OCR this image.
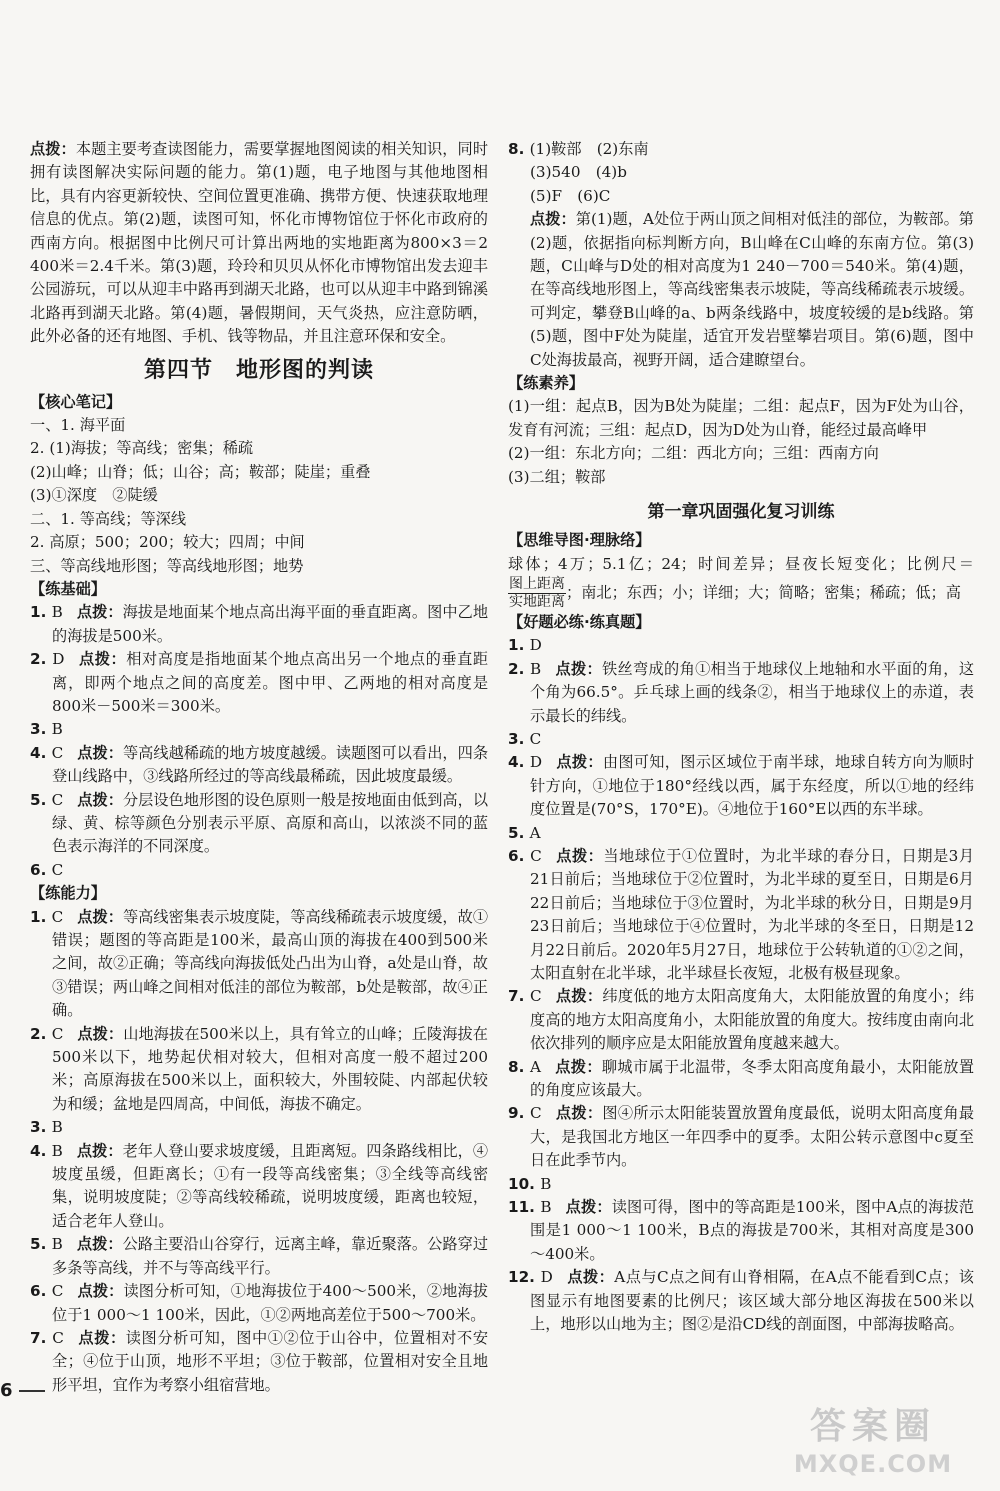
点拨：本题主要考查读图能力，需要掌握地图阅读的相关知识，同时拥有读图解决实际问题的能力。第(1)题，电子地图与其他地图相比，具有内容更新较快、空间位置更准确、携带方便、快速获取地理信息的优点。第(2)题，读图可知，怀化市博物馆位于怀化市政府的西南方向。根据图中比例尺可计算出两地的实地距离为800×3＝2 400米＝2.4千米。第(3)题，玲玲和贝贝从怀化市博物馆出发去迎丰公园游玩，可以从迎丰中路再到湖天北路，也可以从迎丰中路到锦溪北路再到湖天北路。第(4)题，暑假期间，天气炎热，应注意防晒，此外必备的还有地图、手机、钱等物品，并且注意环保和安全。

第四节　地形图的判读

【核心笔记】

一、1. 海平面

2. (1)海拔；等高线；密集；稀疏

(2)山峰；山脊；低；山谷；高；鞍部；陡崖；重叠

(3)①深度　②陡缓

二、1. 等高线；等深线

2. 高原；500；200；较大；四周；中间

三、等高线地形图；等高线地形图；地势

【练基础】

1. B 点拨：海拔是地面某个地点高出海平面的垂直距离。图中乙地的海拔是500米。

2. D 点拨：相对高度是指地面某个地点高出另一个地点的垂直距离，即两个地点之间的高度差。图中甲、乙两地的相对高度是800米－500米＝300米。

3. B

4. C 点拨：等高线越稀疏的地方坡度越缓。读题图可以看出，四条登山线路中，③线路所经过的等高线最稀疏，因此坡度最缓。

5. C 点拨：分层设色地形图的设色原则一般是按地面由低到高，以绿、黄、棕等颜色分别表示平原、高原和高山，以浓淡不同的蓝色表示海洋的不同深度。

6. C

【练能力】

1. C 点拨：等高线密集表示坡度陡，等高线稀疏表示坡度缓，故①错误；题图的等高距是100米，最高山顶的海拔在400到500米之间，故②正确；等高线向海拔低处凸出为山脊，a处是山脊，故③错误；两山峰之间相对低洼的部位为鞍部，b处是鞍部，故④正确。

2. C 点拨：山地海拔在500米以上，具有耸立的山峰；丘陵海拔在500米以下，地势起伏相对较大，但相对高度一般不超过200米；高原海拔在500米以上，面积较大，外围较陡、内部起伏较为和缓；盆地是四周高，中间低，海拔不确定。

3. B

4. B 点拨：老年人登山要求坡度缓，且距离短。四条路线相比，④坡度虽缓，但距离长；①有一段等高线密集；③全线等高线密集，说明坡度陡；②等高线较稀疏，说明坡度缓，距离也较短，适合老年人登山。

5. B 点拨：公路主要沿山谷穿行，远离主峰，靠近聚落。公路穿过多条等高线，并不与等高线平行。

6. C 点拨：读图分析可知，①地海拔位于400～500米，②地海拔位于1 000～1 100米，因此，①②两地高差位于500～700米。

7. C 点拨：读图分析可知，图中①②位于山谷中，位置相对不安全；④位于山顶，地形不平坦；③位于鞍部，位置相对安全且地形平坦，宜作为考察小组宿营地。

8. (1)鞍部　(2)东南

(3)540　(4)b

(5)F　(6)C

点拨：第(1)题，A处位于两山顶之间相对低洼的部位，为鞍部。第(2)题，依据指向标判断方向，B山峰在C山峰的东南方位。第(3)题，C山峰与D处的相对高度为1 240－700＝540米。第(4)题，在等高线地形图上，等高线密集表示坡陡，等高线稀疏表示坡缓。可判定，攀登B山峰的a、b两条线路中，坡度较缓的是b线路。第(5)题，图中F处为陡崖，适宜开发岩壁攀岩项目。第(6)题，图中C处海拔最高，视野开阔，适合建瞭望台。

【练素养】

(1)一组：起点B，因为B处为陡崖；二组：起点F，因为F处为山谷，发育有河流；三组：起点D，因为D处为山脊，能经过最高峰甲

(2)一组：东北方向；二组：西北方向；三组：西南方向

(3)二组；鞍部

第一章巩固强化复习训练

【思维导图·理脉络】

球体；4万；5.1亿；24；时间差异；昼夜长短变化；比例尺＝
$\frac{\text{图上距离}}{\text{实地距离}}$ ；南北；东西；小；详细；大；简略；密集；稀疏；低；高

【好题必练·练真题】

1. D

2. B 点拨：铁丝弯成的角①相当于地球仪上地轴和水平面的角，这个角为66.5°。乒乓球上画的线条②，相当于地球仪上的赤道，表示最长的纬线。

3. C

4. D 点拨：由图可知，图示区域位于南半球，地球自转方向为顺时针方向，①地位于180°经线以西，属于东经度，所以①地的经纬度位置是(70°S，170°E)。④地位于160°E以西的东半球。

5. A

6. C 点拨：当地球位于①位置时，为北半球的春分日，日期是3月21日前后；当地球位于②位置时，为北半球的夏至日，日期是6月22日前后；当地球位于③位置时，为北半球的秋分日，日期是9月23日前后；当地球位于④位置时，为北半球的冬至日，日期是12月22日前后。2020年5月27日，地球位于公转轨道的①②之间，太阳直射在北半球，北半球昼长夜短，北极有极昼现象。

7. C 点拨：纬度低的地方太阳高度角大，太阳能放置的角度小；纬度高的地方太阳高度角小，太阳能放置的角度大。按纬度由南向北依次排列的顺序应是太阳能放置角度越来越大。

8. A 点拨：聊城市属于北温带，冬季太阳高度角最小，太阳能放置的角度应该最大。

9. C 点拨：图④所示太阳能装置放置角度最低，说明太阳高度角最大，是我国北方地区一年四季中的夏季。太阳公转示意图中c夏至日在此季节内。

10. B

11. B 点拨：读图可得，图中的等高距是100米，图中A点的海拔范围是1 000～1 100米，B点的海拔是700米，其相对高度是300～400米。

12. D 点拨：A点与C点之间有山脊相隔，在A点不能看到C点；该图显示有地图要素的比例尺；该区域大部分地区海拔在500米以上，地形以山地为主；图②是沿CD线的剖面图，中部海拔略高。

6
答案圈
MXQE.COM
